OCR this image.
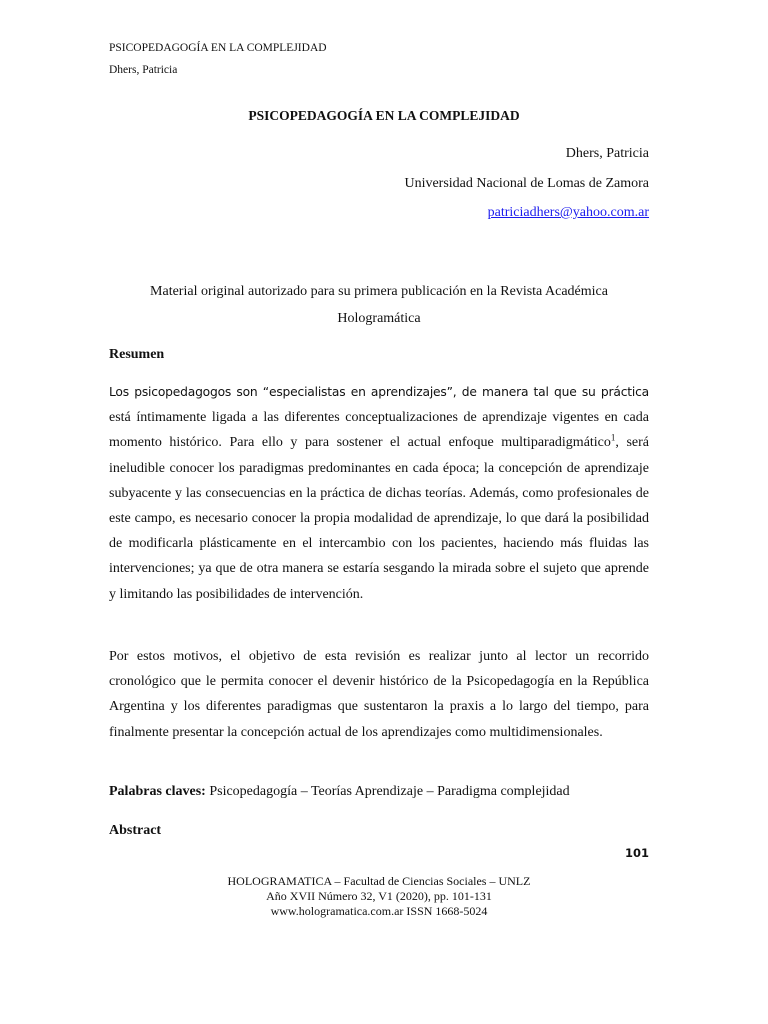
PSICOPEDAGOGÍA EN LA COMPLEJIDAD
Dhers, Patricia
PSICOPEDAGOGÍA EN LA COMPLEJIDAD
Dhers, Patricia
Universidad Nacional de Lomas de Zamora
patriciadhers@yahoo.com.ar
Material original autorizado para su primera publicación en la Revista Académica Hologramática
Resumen
Los psicopedagogos son “especialistas en aprendizajes”, de manera tal que su práctica está íntimamente ligada a las diferentes conceptualizaciones de aprendizaje vigentes en cada momento histórico. Para ello y para sostener el actual enfoque multiparadigmático$^1$, será ineludible conocer los paradigmas predominantes en cada época; la concepción de aprendizaje subyacente y las consecuencias en la práctica de dichas teorías. Además, como profesionales de este campo, es necesario conocer la propia modalidad de aprendizaje, lo que dará la posibilidad de modificarla plásticamente en el intercambio con los pacientes, haciendo más fluidas las intervenciones; ya que de otra manera se estaría sesgando la mirada sobre el sujeto que aprende y limitando las posibilidades de intervención.
Por estos motivos, el objetivo de esta revisión es realizar junto al lector un recorrido cronológico que le permita conocer el devenir histórico de la Psicopedagogía en la República Argentina y los diferentes paradigmas que sustentaron la praxis a lo largo del tiempo, para finalmente presentar la concepción actual de los aprendizajes como multidimensionales.
Palabras claves: Psicopedagogía – Teorías Aprendizaje – Paradigma complejidad
Abstract
101
HOLOGRAMATICA – Facultad de Ciencias Sociales – UNLZ
Año XVII Número 32, V1 (2020), pp. 101-131
www.hologramatica.com.ar ISSN 1668-5024
